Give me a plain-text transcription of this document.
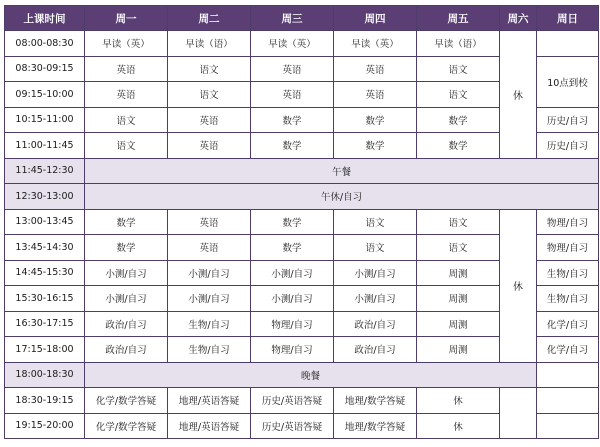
上课时间	周一	周二	周三	周四	周五	周六	周日
08:00-08:30	早读（英）	早读（语）	早读（英）	早读（英）	早读（语）	休	
08:30-09:15	英语	语文	英语	英语	语文		10点到校
09:15-10:00	英语	语文	英语	英语	语文		
10:15-11:00	语文	英语	数学	数学	数学		历史/自习
11:00-11:45	语文	英语	数学	数学	数学		历史/自习
11:45-12:30	午餐						
12:30-13:00	午休/自习						
13:00-13:45	数学	英语	数学	语文	语文	休	物理/自习
13:45-14:30	数学	英语	数学	语文	语文		物理/自习
14:45-15:30	小测/自习	小测/自习	小测/自习	小测/自习	周测		生物/自习
15:30-16:15	小测/自习	小测/自习	小测/自习	小测/自习	周测		生物/自习
16:30-17:15	政治/自习	生物/自习	物理/自习	政治/自习	周测		化学/自习
17:15-18:00	政治/自习	生物/自习	物理/自习	政治/自习	周测		化学/自习
18:00-18:30	晚餐						
18:30-19:15	化学/数学答疑	地理/英语答疑	历史/英语答疑	地理/数学答疑	休		
19:15-20:00	化学/数学答疑	地理/英语答疑	历史/英语答疑	地理/数学答疑	休		
